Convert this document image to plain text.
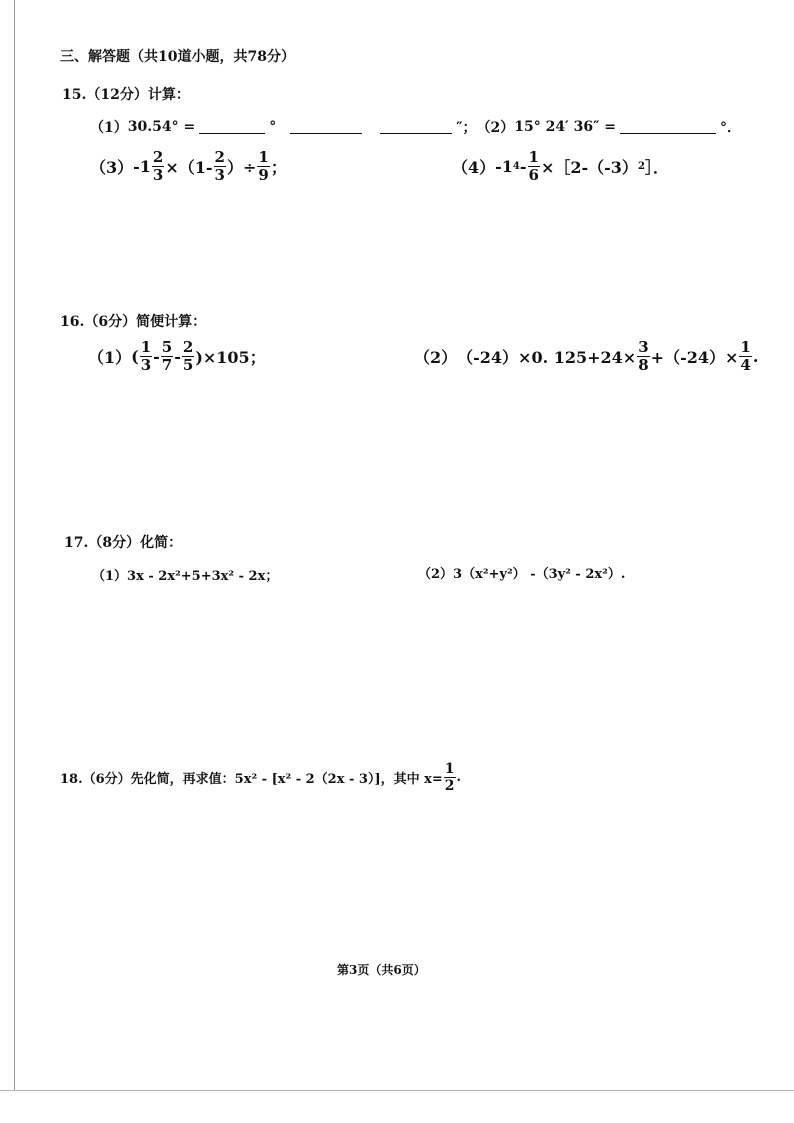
三、解答题（共10道小题，共78分）
15.（12分）计算：
（1） 30.54° =	°	″； （2） 15° 24′ 36″ =	°．
（3） $-1 \frac{2}{3} \times(1- \frac{2}{3}$ ）÷ $\frac{1}{9}$ ；	（4） -1 $4 - \frac{1}{6}$ ×［2-（-3） 2 ］．
16.（6分）简便计算：
（1） ( $\frac{1}{3} - \frac{5}{7} - \frac{2}{5} )\times 105$；	（2） （-24）×0. $125+24\times \frac{3}{8} +(-24)\times \frac{1}{4}$ .
17.（8分）化简：
（1）3x - 2x²+5+3x² - 2x；	（2）3（x²+y²） -（3y² - 2x²）.
18.（6分）先化简，再求值：5x² - [x² - 2（2x - 3）]，其中 $x= \frac{1}{2}$ .
第3页（共6页）
